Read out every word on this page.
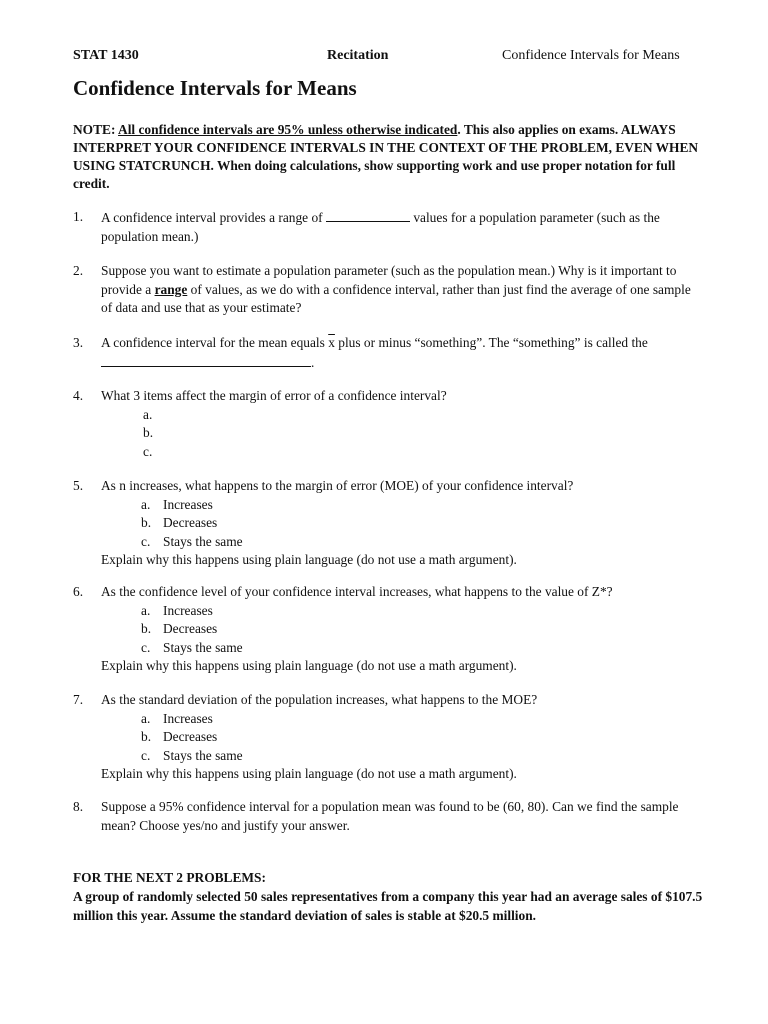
STAT 1430	Recitation	Confidence Intervals for Means
Confidence Intervals for Means
NOTE: All confidence intervals are 95% unless otherwise indicated. This also applies on exams. ALWAYS INTERPRET YOUR CONFIDENCE INTERVALS IN THE CONTEXT OF THE PROBLEM, EVEN WHEN USING STATCRUNCH. When doing calculations, show supporting work and use proper notation for full credit.
1.	A confidence interval provides a range of	values for a population parameter (such as the population mean.)
2.	Suppose you want to estimate a population parameter (such as the population mean.) Why is it important to provide a range of values, as we do with a confidence interval, rather than just find the average of one sample of data and use that as your estimate?
3.	A confidence interval for the mean equals $\overline{x}$ plus or minus “something”. The “something” is called the .
4.	What 3 items affect the margin of error of a confidence interval?
a.
b.
c.
5.	As n increases, what happens to the margin of error (MOE) of your confidence interval?
a. Increases
b. Decreases
c. Stays the same
Explain why this happens using plain language (do not use a math argument).
6.	As the confidence level of your confidence interval increases, what happens to the value of Z*?
a. Increases
b. Decreases
c. Stays the same
Explain why this happens using plain language (do not use a math argument).
7.	As the standard deviation of the population increases, what happens to the MOE?
a. Increases
b. Decreases
c. Stays the same
Explain why this happens using plain language (do not use a math argument).
8.	Suppose a 95% confidence interval for a population mean was found to be (60, 80). Can we find the sample mean? Choose yes/no and justify your answer.
FOR THE NEXT 2 PROBLEMS:
A group of randomly selected 50 sales representatives from a company this year had an average sales of $107.5 million this year. Assume the standard deviation of sales is stable at $20.5 million.
